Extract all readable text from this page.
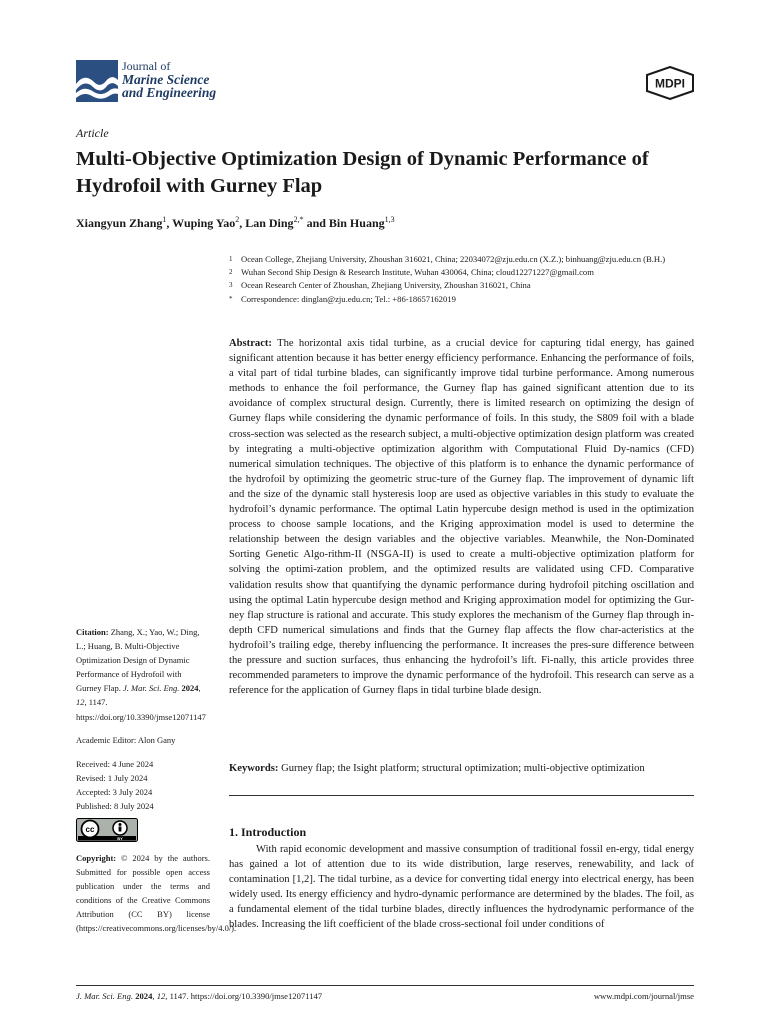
Journal of
Marine Science
and Engineering
MDPI
Article
Multi-Objective Optimization Design of Dynamic Performance of Hydrofoil with Gurney Flap
Xiangyun Zhang$^1$, Wuping Yao$^2$, Lan Ding$^{2,*}$ and Bin Huang$^{1,3}$
1 Ocean College, Zhejiang University, Zhoushan 316021, China; 22034072@zju.edu.cn (X.Z.); binhuang@zju.edu.cn (B.H.)
2 Wuhan Second Ship Design & Research Institute, Wuhan 430064, China; cloud12271227@gmail.com
3 Ocean Research Center of Zhoushan, Zhejiang University, Zhoushan 316021, China
* Correspondence: dinglan@zju.edu.cn; Tel.: +86-18657162019

Abstract: The horizontal axis tidal turbine, as a crucial device for capturing tidal energy, has gained significant attention because it has better energy efficiency performance. Enhancing the performance of foils, a vital part of tidal turbine blades, can significantly improve tidal turbine performance. Among numerous methods to enhance the foil performance, the Gurney flap has gained significant attention due to its avoidance of complex structural design. Currently, there is limited research on optimizing the design of Gurney flaps while considering the dynamic performance of foils. In this study, the S809 foil with a blade cross-section was selected as the research subject, a multi-objective optimization design platform was created by integrating a multi-objective optimization algorithm with Computational Fluid Dy-namics (CFD) numerical simulation techniques. The objective of this platform is to enhance the dynamic performance of the hydrofoil by optimizing the geometric struc-ture of the Gurney flap. The improvement of dynamic lift and the size of the dynamic stall hysteresis loop are used as objective variables in this study to evaluate the hydrofoil’s dynamic performance. The optimal Latin hypercube design method is used in the optimization process to choose sample locations, and the Kriging approximation model is used to determine the relationship between the design variables and the objective variables. Meanwhile, the Non-Dominated Sorting Genetic Algo-rithm-II (NSGA-II) is used to create a multi-objective optimization platform for solving the optimi-zation problem, and the optimized results are validated using CFD. Comparative validation results show that quantifying the dynamic performance during hydrofoil pitching oscillation and using the optimal Latin hypercube design method and Kriging approximation model for optimizing the Gur-ney flap structure is rational and accurate. This study explores the mechanism of the Gurney flap through in-depth CFD numerical simulations and finds that the Gurney flap affects the flow char-acteristics at the hydrofoil’s trailing edge, thereby influencing the performance. It increases the pres-sure difference between the pressure and suction surfaces, thus enhancing the hydrofoil’s lift. Fi-nally, this article provides three recommended parameters to improve the dynamic performance of the hydrofoil. This research can serve as a reference for the application of Gurney flaps in tidal turbine blade design.

Keywords: Gurney flap; the Isight platform; structural optimization; multi-objective optimization

1. Introduction

With rapid economic development and massive consumption of traditional fossil en-ergy, tidal energy has gained a lot of attention due to its wide distribution, large reserves, renewability, and lack of contamination [1,2]. The tidal turbine, as a device for converting tidal energy into electrical energy, has been widely used. Its energy efficiency and hydro-dynamic performance are determined by the blades. The foil, as a fundamental element of the tidal turbine blades, directly influences the hydrodynamic performance of the blades. Increasing the lift coefficient of the blade cross-sectional foil under conditions of

Citation: Zhang, X.; Yao, W.; Ding, L.; Huang, B. Multi-Objective Optimization Design of Dynamic Performance of Hydrofoil with Gurney Flap. J. Mar. Sci. Eng. 2024, 12, 1147. https://doi.org/10.3390/jmse12071147

Academic Editor: Alon Gany

Received: 4 June 2024
Revised: 1 July 2024
Accepted: 3 July 2024
Published: 8 July 2024
cc
BY

Copyright: © 2024 by the authors. Submitted for possible open access publication under the terms and conditions of the Creative Commons Attribution (CC BY) license (https://creativecommons.org/licenses/by/4.0/).

J. Mar. Sci. Eng. 2024, 12, 1147. https://doi.org/10.3390/jmse12071147	www.mdpi.com/journal/jmse
